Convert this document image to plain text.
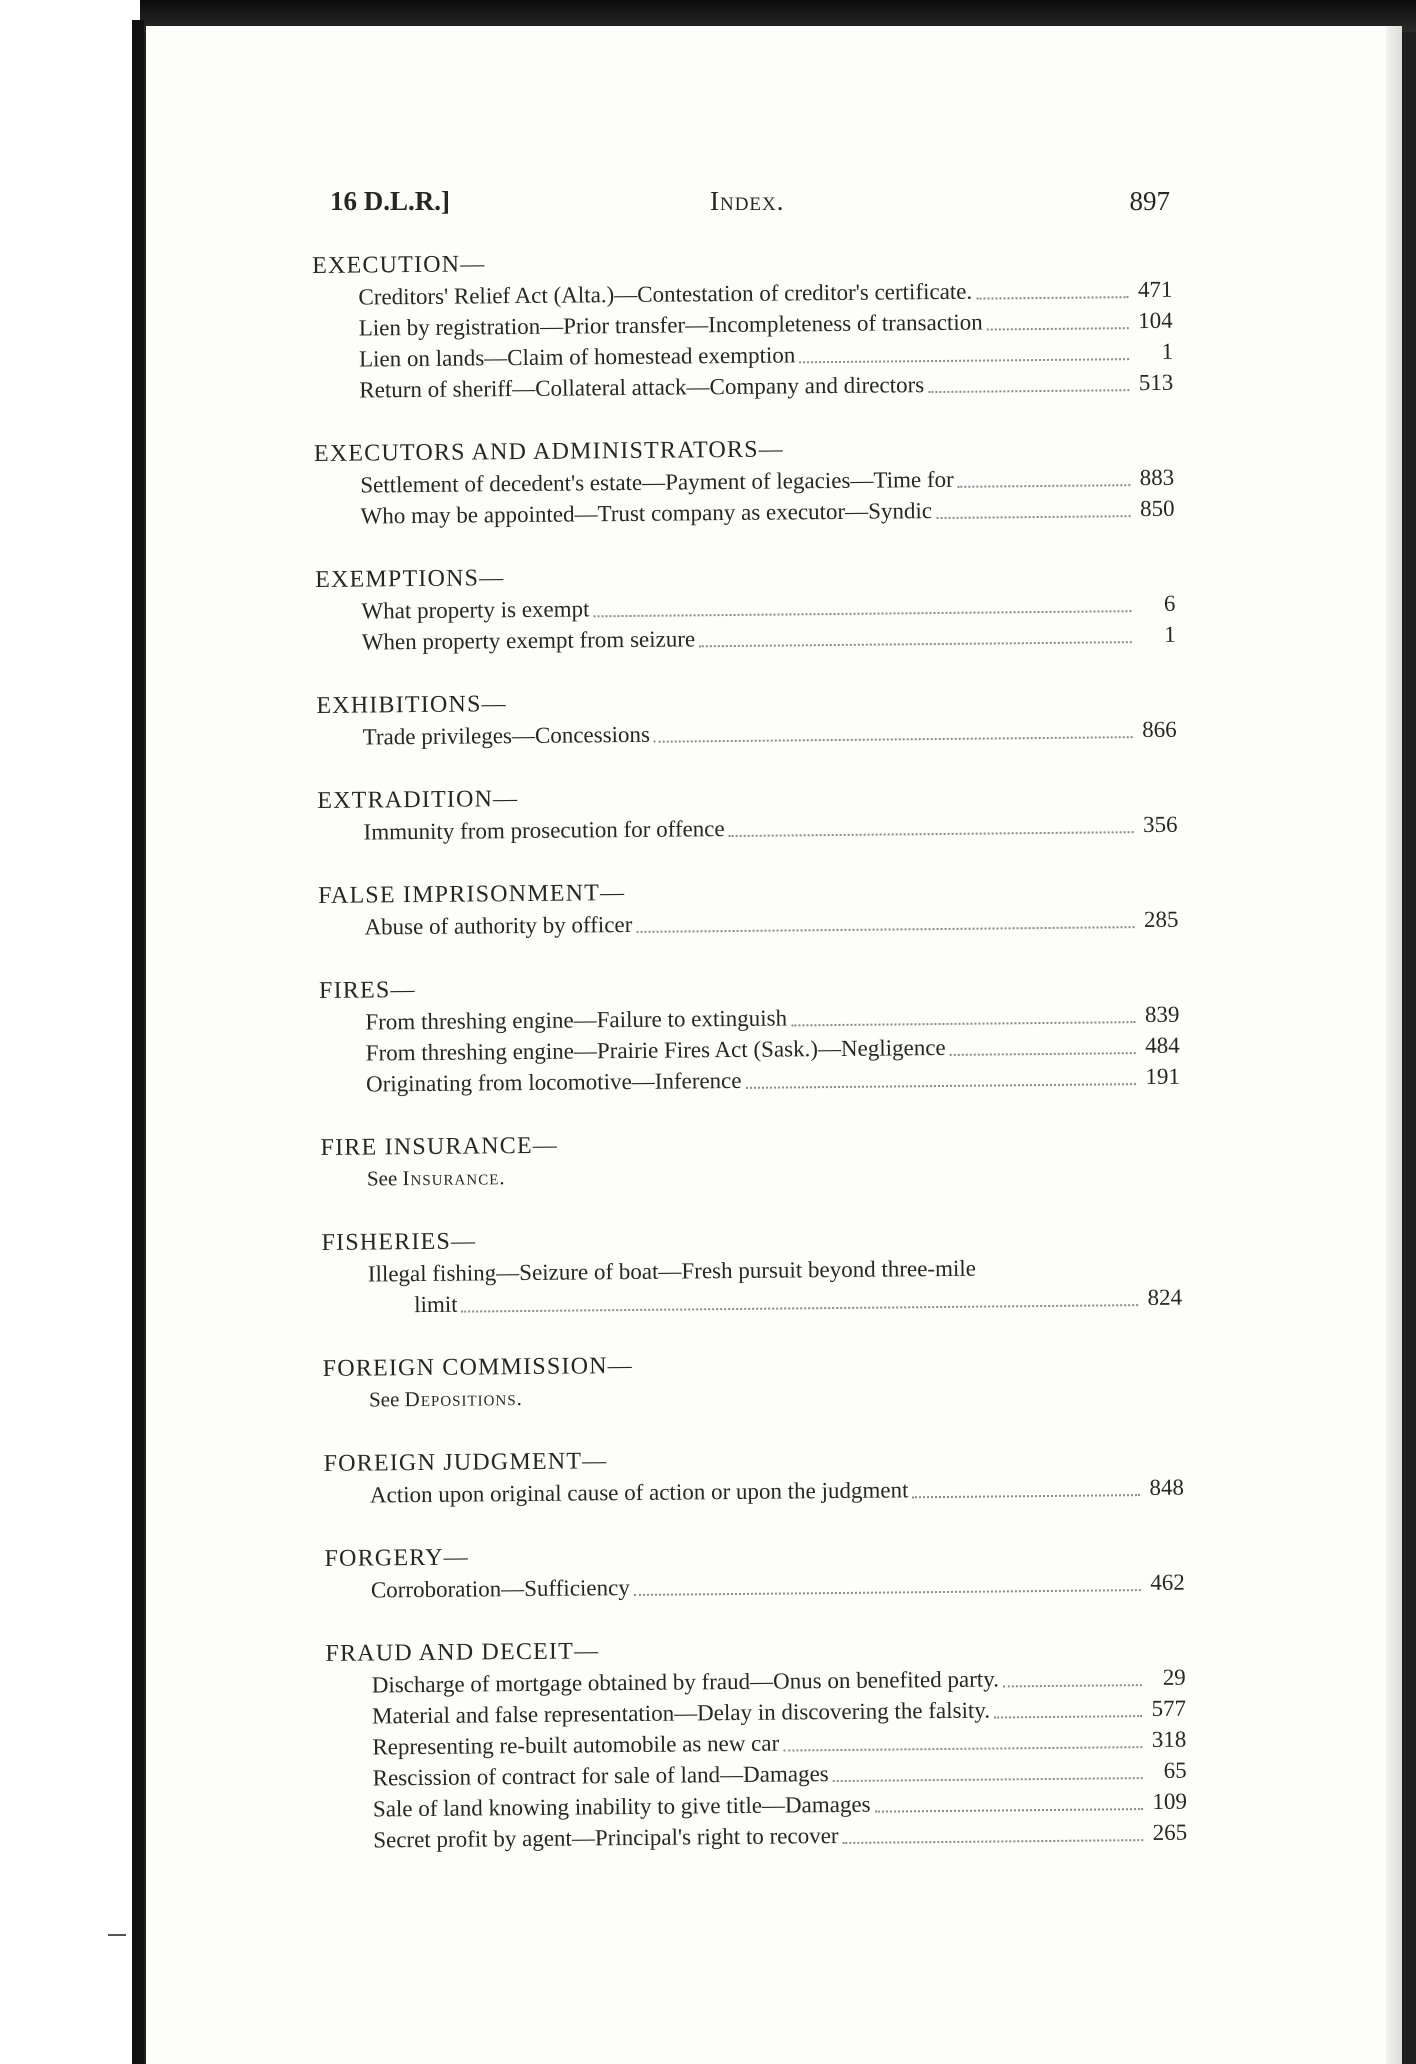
16 D.L.R.]	Index.	897

EXECUTION—

Creditors' Relief Act (Alta.)—Contestation of creditor's certificate.	471
Lien by registration—Prior transfer—Incompleteness of transaction	104
Lien on lands—Claim of homestead exemption	1
Return of sheriff—Collateral attack—Company and directors	513

EXECUTORS AND ADMINISTRATORS—

Settlement of decedent's estate—Payment of legacies—Time for	883
Who may be appointed—Trust company as executor—Syndic	850

EXEMPTIONS—

What property is exempt	6
When property exempt from seizure	1

EXHIBITIONS—

Trade privileges—Concessions	866

EXTRADITION—

Immunity from prosecution for offence	356

FALSE IMPRISONMENT—

Abuse of authority by officer	285

FIRES—

From threshing engine—Failure to extinguish	839
From threshing engine—Prairie Fires Act (Sask.)—Negligence	484
Originating from locomotive—Inference	191

FIRE INSURANCE—

See Insurance.

FISHERIES—

Illegal fishing—Seizure of boat—Fresh pursuit beyond three-mile
limit	824

FOREIGN COMMISSION—

See Depositions.

FOREIGN JUDGMENT—

Action upon original cause of action or upon the judgment	848

FORGERY—

Corroboration—Sufficiency	462

FRAUD AND DECEIT—

Discharge of mortgage obtained by fraud—Onus on benefited party.	29
Material and false representation—Delay in discovering the falsity.	577
Representing re-built automobile as new car	318
Rescission of contract for sale of land—Damages	65
Sale of land knowing inability to give title—Damages	109
Secret profit by agent—Principal's right to recover	265
